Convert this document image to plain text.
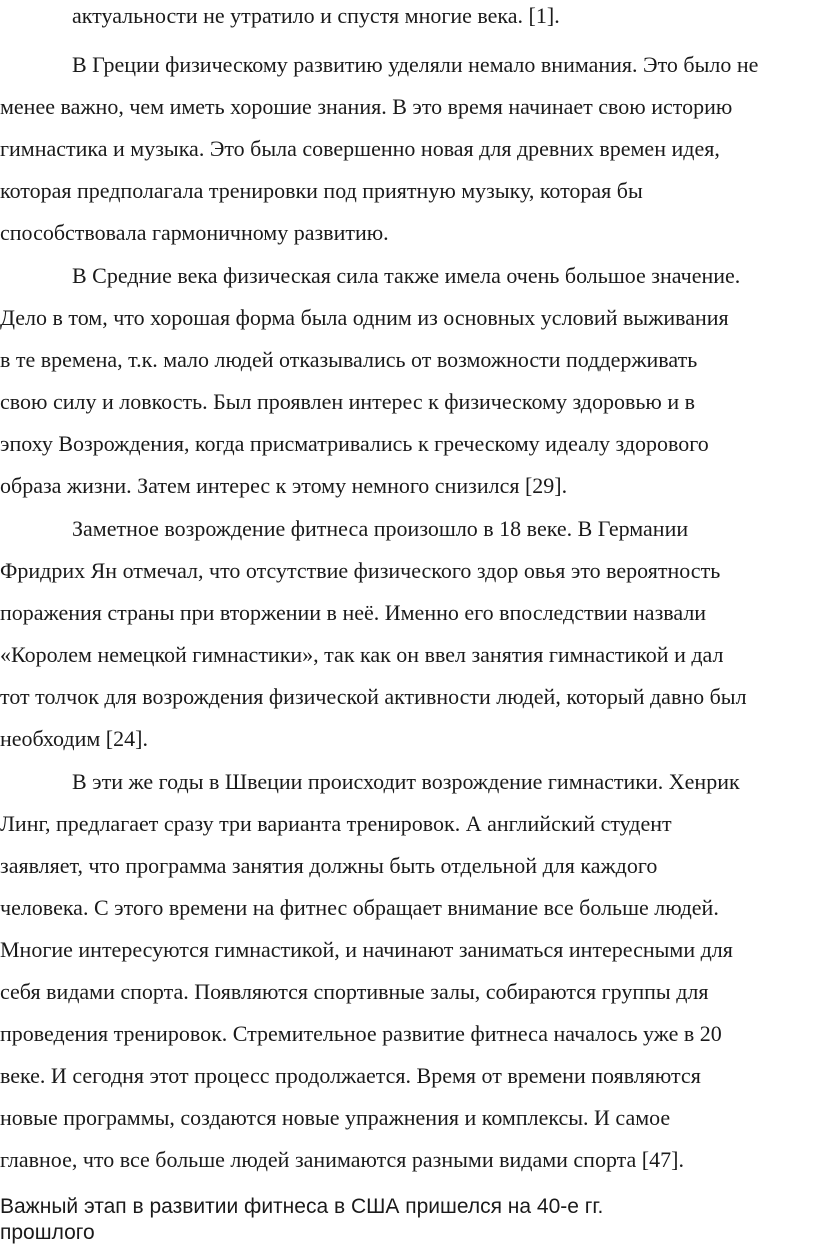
актуальности не утратило и спустя многие века. [1].
В Греции физическому развитию уделяли немало внимания. Это было не
менее важно, чем иметь хорошие знания. В это время начинает свою историю
гимнастика и музыка. Это была совершенно новая для древних времен идея,
которая предполагала тренировки под приятную музыку, которая бы
способствовала гармоничному развитию.
В Средние века физическая сила также имела очень большое значение.
Дело в том, что хорошая форма была одним из основных условий выживания
в те времена, т.к. мало людей отказывались от возможности поддерживать
свою силу и ловкость. Был проявлен интерес к физическому здоровью и в
эпоху Возрождения, когда присматривались к греческому идеалу здорового
образа жизни. Затем интерес к этому немного снизился [29].
Заметное возрождение фитнеса произошло в 18 веке. В Германии
Фридрих Ян отмечал, что отсутствие физического здор овья это вероятность
поражения страны при вторжении в неё. Именно его впоследствии назвали
«Королем немецкой гимнастики», так как он ввел занятия гимнастикой и дал
тот толчок для возрождения физической активности людей, который давно был
необходим [24].
В эти же годы в Швеции происходит возрождение гимнастики. Хенрик
Линг, предлагает сразу три варианта тренировок. А английский студент
заявляет, что программа занятия должны быть отдельной для каждого
человека. С этого времени на фитнес обращает внимание все больше людей.
Многие интересуются гимнастикой, и начинают заниматься интересными для
себя видами спорта. Появляются спортивные залы, собираются группы для
проведения тренировок. Стремительное развитие фитнеса началось уже в 20
веке. И сегодня этот процесс продолжается. Время от времени появляются
новые программы, создаются новые упражнения и комплексы. И самое
главное, что все больше людей занимаются разными видами спорта [47].
Важный этап в развитии фитнеса в США пришелся на 40-е гг.
прошлого
